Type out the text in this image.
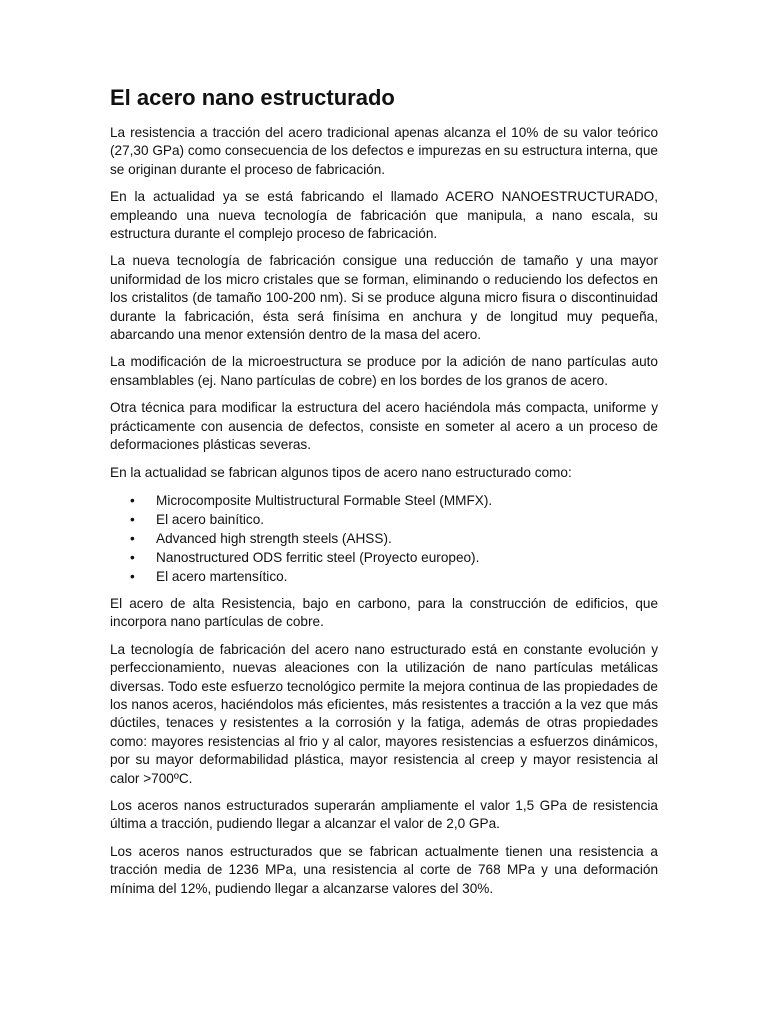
El acero nano estructurado

La resistencia a tracción del acero tradicional apenas alcanza el 10% de su valor teórico (27,30 GPa) como consecuencia de los defectos e impurezas en su estructura interna, que se originan durante el proceso de fabricación.

En la actualidad ya se está fabricando el llamado ACERO NANOESTRUCTURADO, empleando una nueva tecnología de fabricación que manipula, a nano escala, su estructura durante el complejo proceso de fabricación.

La nueva tecnología de fabricación consigue una reducción de tamaño y una mayor uniformidad de los micro cristales que se forman, eliminando o reduciendo los defectos en los cristalitos (de tamaño 100-200 nm). Si se produce alguna micro fisura o discontinuidad durante la fabricación, ésta será finísima en anchura y de longitud muy pequeña, abarcando una menor extensión dentro de la masa del acero.

La modificación de la microestructura se produce por la adición de nano partículas auto ensamblables (ej. Nano partículas de cobre) en los bordes de los granos de acero.

Otra técnica para modificar la estructura del acero haciéndola más compacta, uniforme y prácticamente con ausencia de defectos, consiste en someter al acero a un proceso de deformaciones plásticas severas.

En la actualidad se fabrican algunos tipos de acero nano estructurado como:

• Microcomposite Multistructural Formable Steel (MMFX).
• El acero bainítico.
• Advanced high strength steels (AHSS).
• Nanostructured ODS ferritic steel (Proyecto europeo).
• El acero martensítico.

El acero de alta Resistencia, bajo en carbono, para la construcción de edificios, que incorpora nano partículas de cobre.

La tecnología de fabricación del acero nano estructurado está en constante evolución y perfeccionamiento, nuevas aleaciones con la utilización de nano partículas metálicas diversas. Todo este esfuerzo tecnológico permite la mejora continua de las propiedades de los nanos aceros, haciéndolos más eficientes, más resistentes a tracción a la vez que más dúctiles, tenaces y resistentes a la corrosión y la fatiga, además de otras propiedades como: mayores resistencias al frio y al calor, mayores resistencias a esfuerzos dinámicos, por su mayor deformabilidad plástica, mayor resistencia al creep y mayor resistencia al calor >700ºC.

Los aceros nanos estructurados superarán ampliamente el valor 1,5 GPa de resistencia última a tracción, pudiendo llegar a alcanzar el valor de 2,0 GPa.

Los aceros nanos estructurados que se fabrican actualmente tienen una resistencia a tracción media de 1236 MPa, una resistencia al corte de 768 MPa y una deformación mínima del 12%, pudiendo llegar a alcanzarse valores del 30%.
